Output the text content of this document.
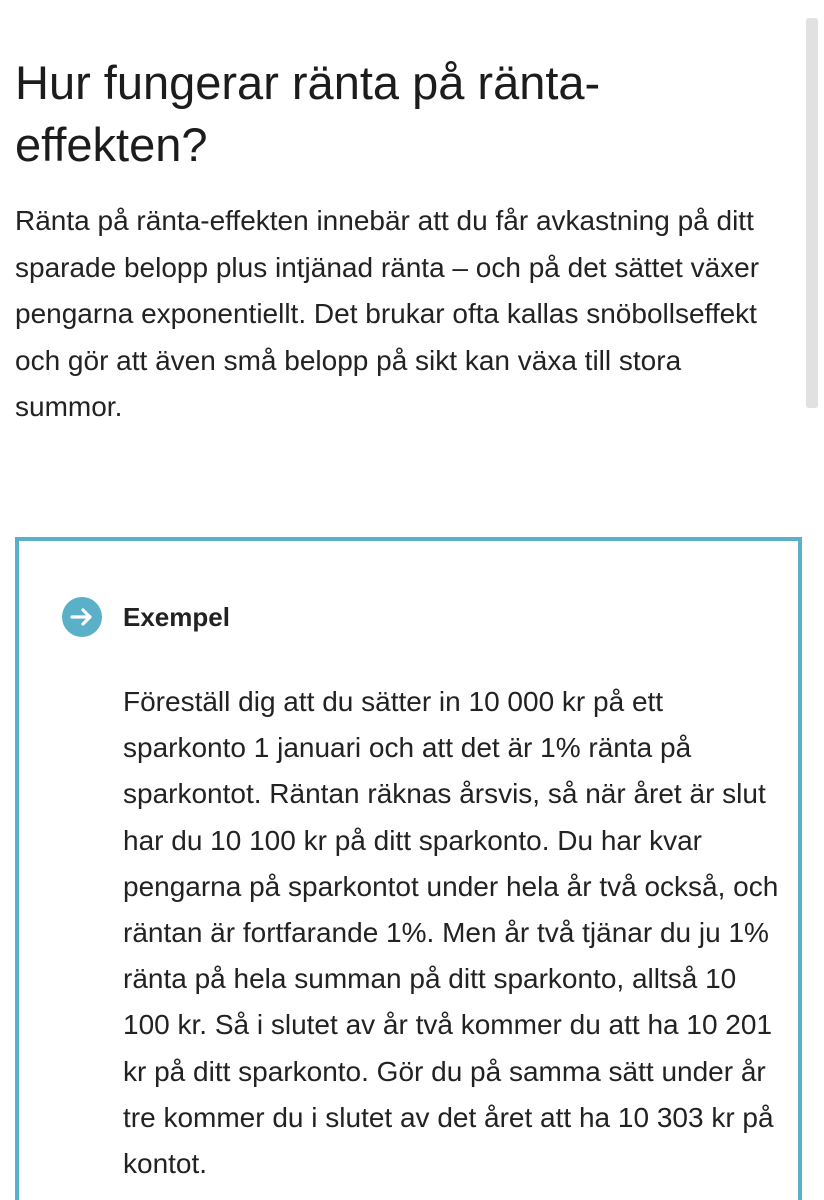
Hur fungerar ränta på ränta-effekten?

Ränta på ränta-effekten innebär att du får avkastning på ditt sparade belopp plus intjänad ränta – och på det sättet växer pengarna exponentiellt. Det brukar ofta kallas snöbollseffekt och gör att även små belopp på sikt kan växa till stora summor.

Exempel

Föreställ dig att du sätter in 10 000 kr på ett sparkonto 1 januari och att det är 1% ränta på sparkontot. Räntan räknas årsvis, så när året är slut har du 10 100 kr på ditt sparkonto. Du har kvar pengarna på sparkontot under hela år två också, och räntan är fortfarande 1%. Men år två tjänar du ju 1% ränta på hela summan på ditt sparkonto, alltså 10 100 kr. Så i slutet av år två kommer du att ha 10 201 kr på ditt sparkonto. Gör du på samma sätt under år tre kommer du i slutet av det året att ha 10 303 kr på kontot.
